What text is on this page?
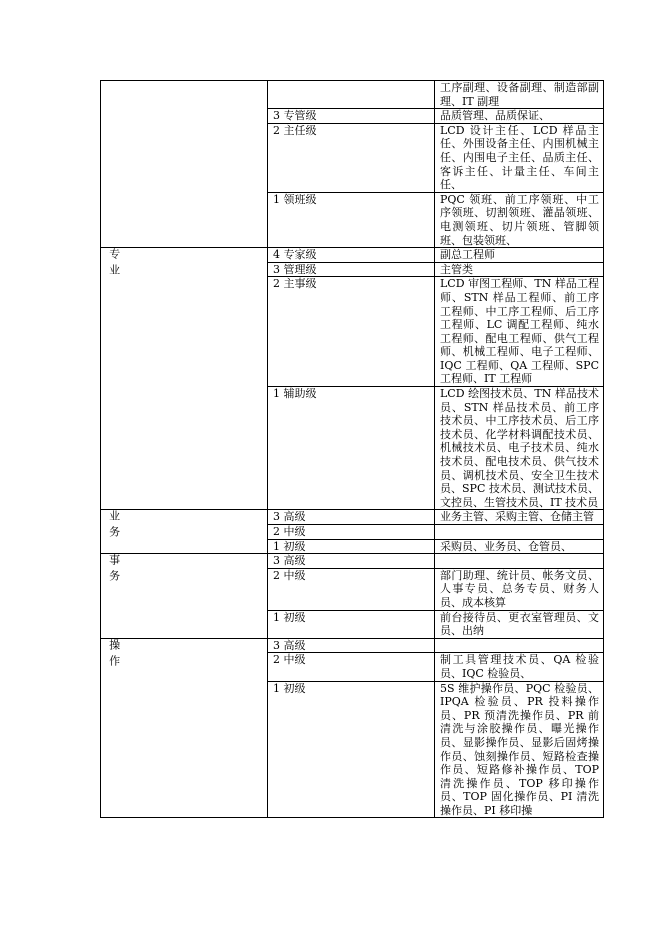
		工序副理、设备副理、制造部副理、IT 副理
	3 专管级	品质管理、品质保证、
	2 主任级	LCD 设计主任、LCD 样品主任、外围设备主任、内围机械主任、内围电子主任、品质主任、客诉主任、计量主任、车间主任、
	1 领班级	PQC 领班、前工序领班、中工序领班、切割领班、灌晶领班、电测领班、切片领班、管脚领班、包装领班、
专业	4 专家级	副总工程师
	3 管理级	主管类
	2 主事级	LCD 审图工程师、TN 样品工程师、STN 样品工程师、前工序工程师、中工序工程师、后工序工程师、LC 调配工程师、纯水工程师、配电工程师、供气工程师、机械工程师、电子工程师、IQC 工程师、QA 工程师、SPC 工程师、IT 工程师
	1 辅助级	LCD 绘图技术员、TN 样品技术员、STN 样品技术员、前工序技术员、中工序技术员、后工序技术员、化学材料调配技术员、机械技术员、电子技术员、纯水技术员、配电技术员、供气技术员、调机技术员、安全卫生技术员、SPC 技术员、测试技术员、文控员、生管技术员、IT 技术员
业务	3 高级	业务主管、采购主管、仓储主管
	2 中级	
	1 初级	采购员、业务员、仓管员、
事务	3 高级	
	2 中级	部门助理、统计员、帐务文员、人事专员、总务专员、财务人员、成本核算
	1 初级	前台接待员、更衣室管理员、文员、出纳
操作	3 高级	
	2 中级	制工具管理技术员、QA 检验员、IQC 检验员、
	1 初级	5S 维护操作员、PQC 检验员、IPQA 检验员、PR 投料操作员、PR 预清洗操作员、PR 前清洗与涂胶操作员、曝光操作员、显影操作员、显影后固烤操作员、蚀刻操作员、短路检查操作员、短路修补操作员、TOP 清洗操作员、TOP 移印操作员、TOP 固化操作员、PI 清洗操作员、PI 移印操
